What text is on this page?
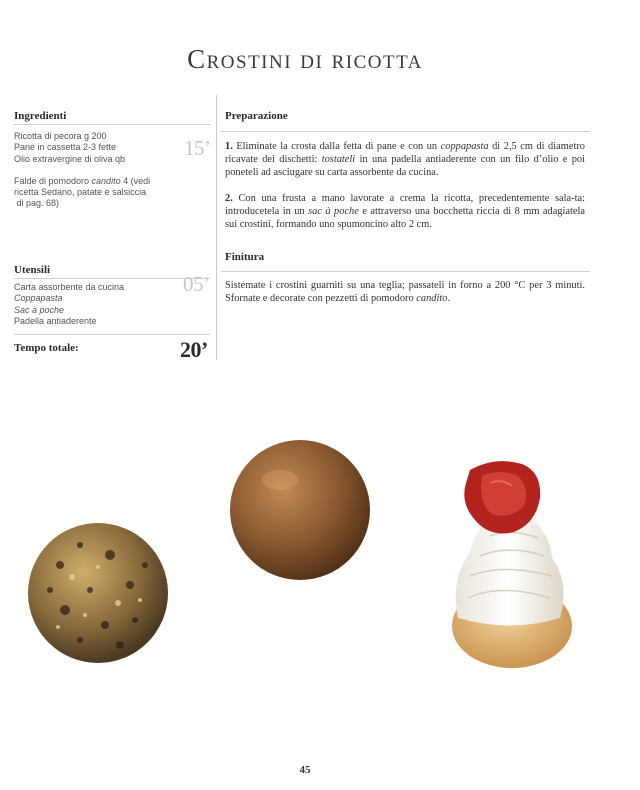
Crostini di ricotta
Ingredienti
Ricotta di pecora g 200
Pane in cassetta 2-3 fette
Olio extravergine di oliva qb
Falde di pomodoro candito 4 (vedi
ricetta Sedano, patate e salsiccia
di pag. 68)
15’
Utensili
Carta assorbente da cucina
Coppapasta
Sac à poche
Padella antiaderente
05’
Tempo totale:	20’
Preparazione
1. Eliminate la crosta dalla fetta di pane e con un coppapasta di 2,5 cm di diametro ricavate dei dischetti: tostateli in una padella antiaderente con un filo d’olio e poi poneteli ad asciugare su carta assorbente da cucina.
2. Con una frusta a mano lavorate a crema la ricotta, precedentemente sala-ta: introducetela in un sac à poche e attraverso una bocchetta riccia di 8 mm adagiatela sui crostini, formando uno spumoncino alto 2 cm.
Finitura
Sistemate i crostini guarniti su una teglia; passateli in forno a 200 °C per 3 minuti. Sfornate e decorate con pezzetti di pomodoro candito.
45
